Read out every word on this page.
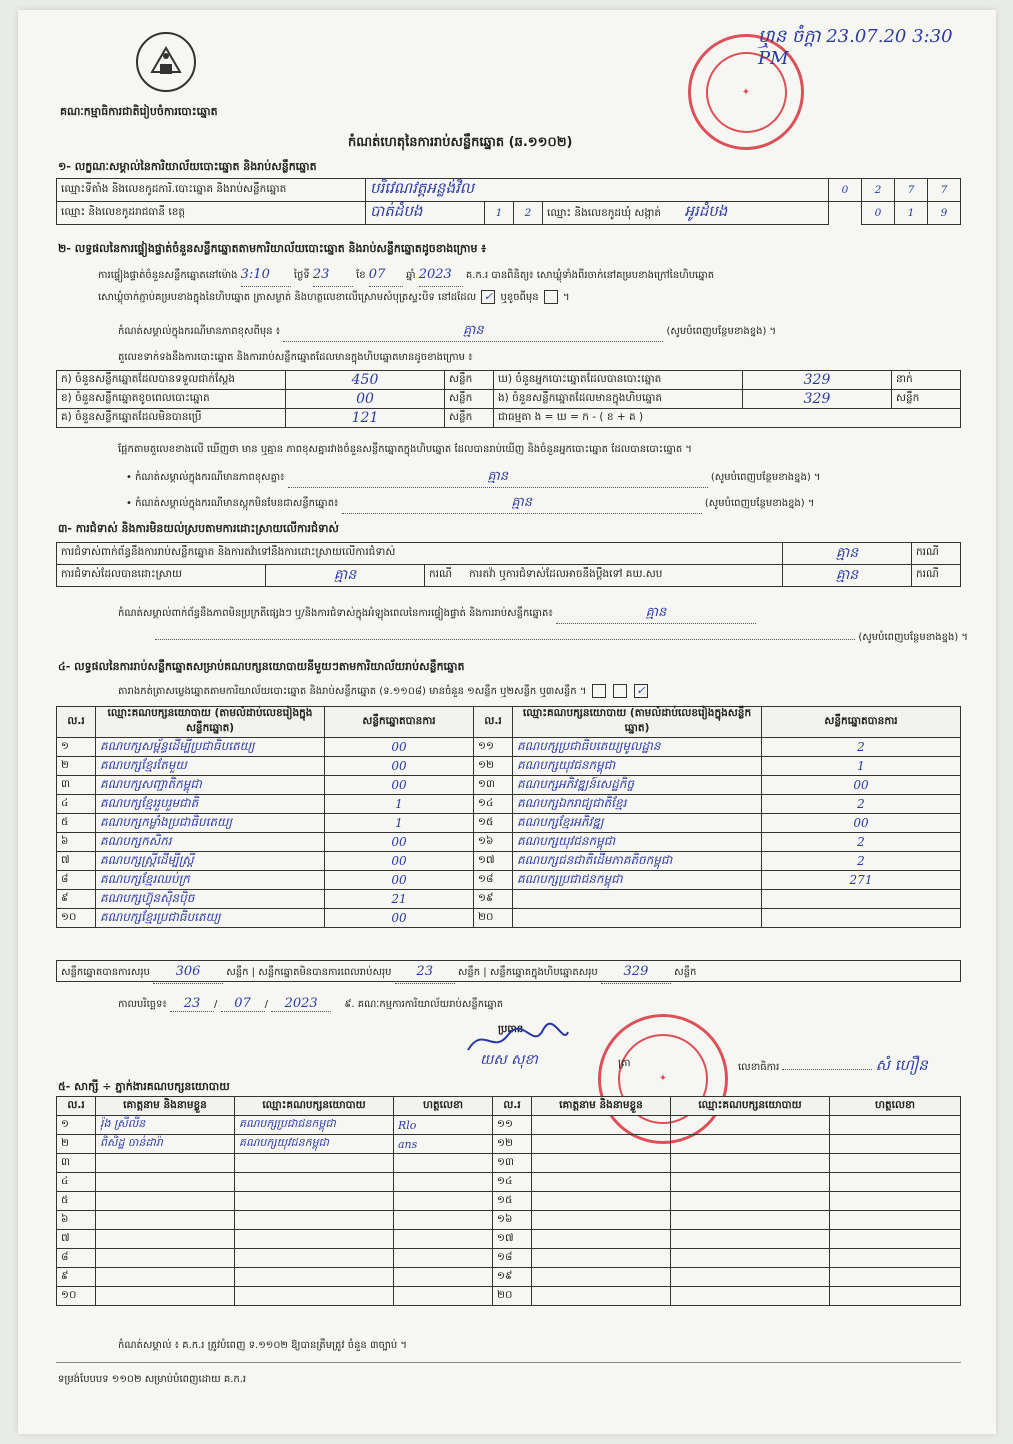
គណៈកម្មាធិការជាតិរៀបចំការបោះឆ្នោត
✦
ឬាន ចំក្ដា 23.07.20 3:30 PM
កំណត់ហេតុនៃការរាប់សន្លឹកឆ្នោត (ឆ.១១០២)
១- លក្ខណៈសម្គាល់នៃការិយាល័យបោះឆ្នោត និងរាប់សន្លឹកឆ្នោត
ឈ្មោះទីតាំង និងលេខកូដការិ.បោះឆ្នោត និងរាប់សន្លឹកឆ្នោត	បរិវេណវត្តអន្លង់វិល				0	2	7	7
ឈ្មោះ និងលេខកូដរាជធានី ខេត្ត	បាត់ដំបង	1	2	ឈ្មោះ និងលេខកូដឃុំ សង្កាត់ អូរដំបង		0	1	9
២- លទ្ធផលនៃការផ្ទៀងផ្ទាត់ចំនួនសន្លឹកឆ្នោតតាមការិយាល័យបោះឆ្នោត និងរាប់សន្លឹកឆ្នោតដូចខាងក្រោម ៖
ការផ្ទៀងផ្ទាត់ចំនួនសន្លឹកឆ្នោតនៅម៉ោង 3:10 ថ្ងៃទី 23	ខែ 07 ឆ្នាំ 2023 គ.ក.រ បានពិនិត្យ៖ សោឃ្លុំទាំងពីរចាក់នៅគម្របខាងក្រៅនៃហិបឆ្នោត
សោឃ្លុំចាក់ភ្ជាប់គម្របខាងក្នុងនៃហិបឆ្នោត ត្រាសម្ងាត់ និងហត្ថលេខាលើស្រោមសំបុត្រស្ទះបិទ នៅដដែល ✓ ឬខូចពីមុន  ។
កំណត់សម្គាល់ក្នុងករណីមានភាពខុសពីមុន ៖	គ្មាន	(សូមបំពេញបន្ថែមខាងខ្នង) ។
តួលេខទាក់ទងនឹងការបោះឆ្នោត និងការរាប់សន្លឹកឆ្នោតដែលមានក្នុងហិបឆ្នោតមានដូចខាងក្រោម ៖
ក) ចំនួនសន្លឹកឆ្នោតដែលបានទទួលជាក់ស្តែង	450	សន្លឹក	ឃ) ចំនួនអ្នកបោះឆ្នោតដែលបានបោះឆ្នោត	329	នាក់
ខ) ចំនួនសន្លឹកឆ្នោតខូចពេលបោះឆ្នោត	00	សន្លឹក	ង) ចំនួនសន្លឹកឆ្នោតដែលមានក្នុងហិបឆ្នោត	329	សន្លឹក
គ) ចំនួនសន្លឹកឆ្នោតដែលមិនបានប្រើ	121	សន្លឹក	ជាធម្មតា ង = ឃ = ក - ( ខ + គ )		
ផ្អែកតាមតួលេខខាងលើ ឃើញថា មាន ឬគ្មាន ភាពខុសគ្នារវាងចំនួនសន្លឹកឆ្នោតក្នុងហិបឆ្នោត ដែលបានរាប់ឃើញ និងចំនួនអ្នកបោះឆ្នោត ដែលបានបោះឆ្នោត ។
• កំណត់សម្គាល់ក្នុងករណីមានភាពខុសគ្នា៖	គ្មាន	(សូមបំពេញបន្ថែមខាងខ្នង) ។
• កំណត់សម្គាល់ក្នុងករណីមានស្តុកមិនមែនជាសន្លឹកឆ្នោត៖	គ្មាន	(សូមបំពេញបន្ថែមខាងខ្នង) ។
៣- ការជំទាស់ និងការមិនយល់ស្របតាមការដោះស្រាយលើការជំទាស់
ការជំទាស់ពាក់ព័ន្ធនឹងការរាប់សន្លឹកឆ្នោត និងការតវ៉ាទៅនឹងការដោះស្រាយលើការជំទាស់			គ្មាន	ករណី
ការជំទាស់ដែលបានដោះស្រាយ	គ្មាន	ករណី ការតវ៉ា ឬការជំទាស់ដែលអាចនឹងប្តឹងទៅ គឃ.សប	គ្មាន	ករណី
កំណត់សម្គាល់ពាក់ព័ន្ធនឹងភាពមិនប្រក្រតីផ្សេងៗ ឬ/និងការជំទាស់ក្នុងអំឡុងពេលនៃការផ្ទៀងផ្ទាត់ និងការរាប់សន្លឹកឆ្នោត៖	គ្មាន
(សូមបំពេញបន្ថែមខាងខ្នង) ។
៤- លទ្ធផលនៃការរាប់សន្លឹកឆ្នោតសម្រាប់គណបក្សនយោបាយនីមួយៗតាមការិយាល័យរាប់សន្លឹកឆ្នោត
តារាងកត់ត្រាសម្លេងឆ្នោតតាមការិយាល័យបោះឆ្នោត និងរាប់សន្លឹកឆ្នោត (ទ.១១០៨) មានចំនួន ១សន្លឹក ឬ២សន្លឹក ឬ៣សន្លឹក ។	✓
ល.រ	ឈ្មោះគណបក្សនយោបាយ (តាមលំដាប់លេខរៀងក្នុងសន្លឹកឆ្នោត)	សន្លឹកឆ្នោតបានការ	ល.រ	ឈ្មោះគណបក្សនយោបាយ (តាមលំដាប់លេខរៀងក្នុងសន្លឹកឆ្នោត)	សន្លឹកឆ្នោតបានការ
១	គណបក្សសម្ព័ន្ធដើម្បីប្រជាធិបតេយ្យ	00	១១	គណបក្សប្រជាធិបតេយ្យមូលដ្ឋាន	2
២	គណបក្សខ្មែរតែមួយ	00	១២	គណបក្សយុវជនកម្ពុជា	1
៣	គណបក្សសញ្ជាតិកម្ពុជា	00	១៣	គណបក្សអភិវឌ្ឍន៍សេដ្ឋកិច្ច	00
៤	គណបក្សខ្មែររួបរួមជាតិ	1	១៤	គណបក្សឯករាជ្យជាតិខ្មែរ	2
៥	គណបក្សកម្លាំងប្រជាធិបតេយ្យ	1	១៥	គណបក្សខ្មែរអភិវឌ្ឍ	00
៦	គណបក្សកសិករ	00	១៦	គណបក្សយុវជនកម្ពុជា	2
៧	គណបក្សស្ត្រីដើម្បីស្ត្រី	00	១៧	គណបក្សជនជាតិដើមភាគតិចកម្ពុជា	2
៨	គណបក្សខ្មែរឈប់ក្រ	00	១៨	គណបក្សប្រជាជនកម្ពុជា	271
៩	គណបក្សហ៊្វុនស៊ិនប៉ិច	21	១៩		
១០	គណបក្សខ្មែរប្រជាធិបតេយ្យ	00	២០		
សន្លឹកឆ្នោតបានការសរុប 306	សន្លឹក | សន្លឹកឆ្នោតមិនបានការពេលរាប់សរុប 23 សន្លឹក | សន្លឹកឆ្នោតក្នុងហិបឆ្នោតសរុប 329	សន្លឹក
កាលបរិច្ឆេទ៖ 23 / 07 / 2023	៩. គណៈកម្មការការិយាល័យរាប់សន្លឹកឆ្នោត
ប្រធាន
យស សុខា
✦
ត្រា	លេខាធិការ	សំ ហឿន
៥- សាក្សី ÷ ភ្នាក់ងារគណបក្សនយោបាយ
ល.រ	គោត្តនាម និងនាមខ្លួន	ឈ្មោះគណបក្សនយោបាយ	ហត្ថលេខា	ល.រ	គោត្តនាម និងនាមខ្លួន	ឈ្មោះគណបក្សនយោបាយ	ហត្ថលេខា
១	រ៉ុង ស្រីលីន	គណបក្សប្រជាជនកម្ពុជា	Rlo	១១			
២	ពិសិដ្ឋ ចាន់ដារ៉ា	គណបក្សយុវជនកម្ពុជា	ans	១២			
៣				១៣			
៤				១៤			
៥				១៥			
៦				១៦			
៧				១៧			
៨				១៨			
៩				១៩			
១០				២០			
កំណត់សម្គាល់ ៖ គ.ក.រ ត្រូវបំពេញ ទ.១១០២ ឱ្យបានត្រឹមត្រូវ ចំនួន ៣ច្បាប់ ។
ទម្រង់បែបបទ ១១០២ សម្រាប់បំពេញដោយ គ.ក.រ
